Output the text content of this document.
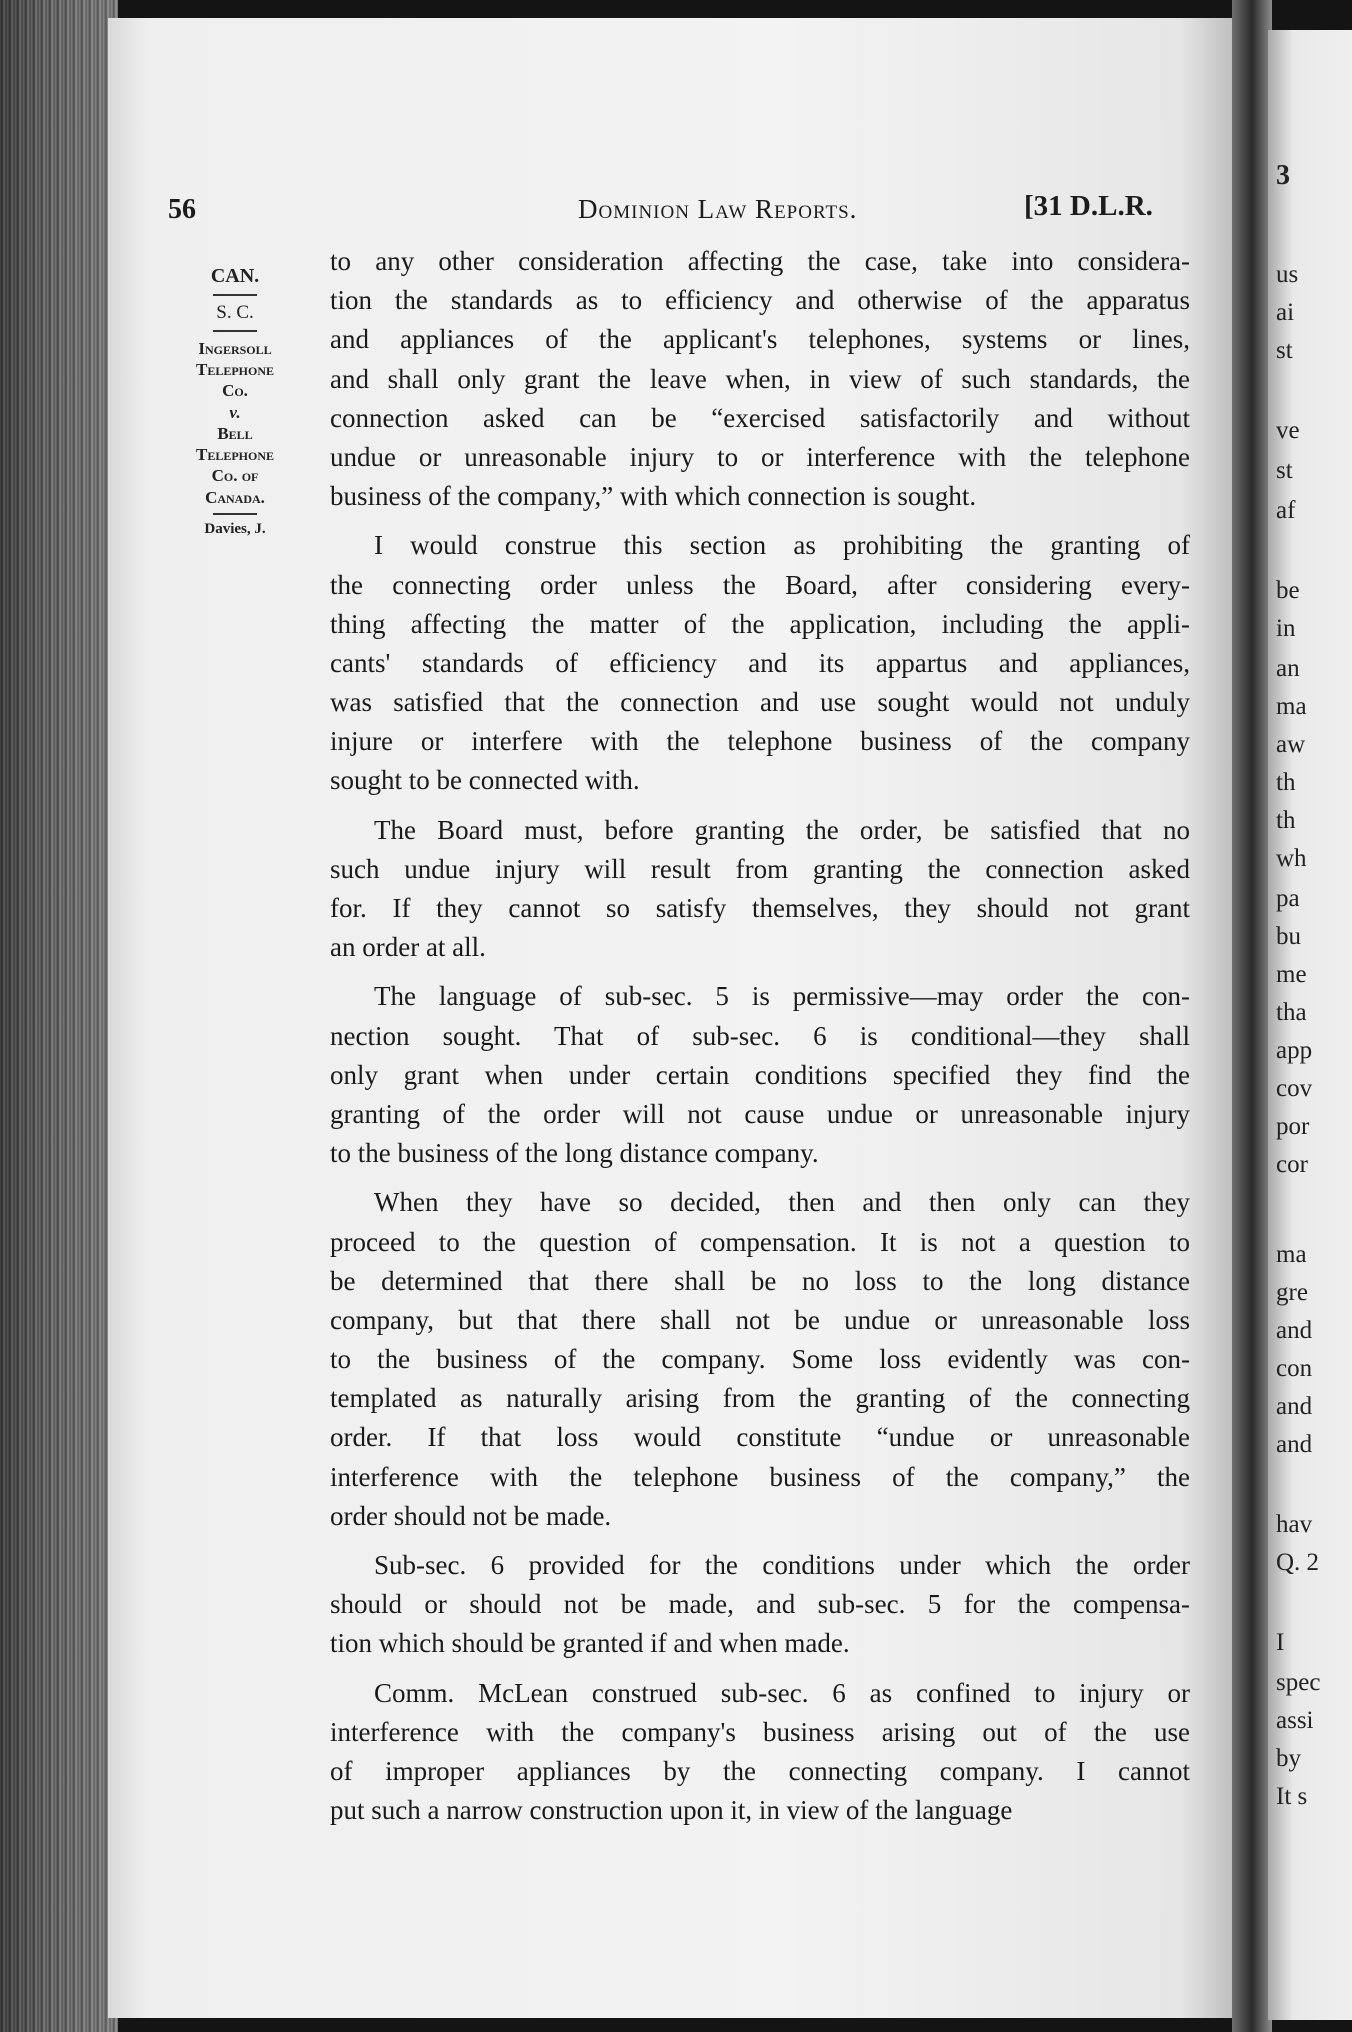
56	Dominion Law Reports.	[31 D.L.R.
CAN.
S. C.
Ingersoll
Telephone
Co.
v.
Bell
Telephone
Co. of
Canada.
Davies, J.
to any other consideration affecting the case, take into considera-
tion the standards as to efficiency and otherwise of the apparatus
and appliances of the applicant's telephones, systems or lines,
and shall only grant the leave when, in view of such standards, the
connection asked can be “exercised satisfactorily and without
undue or unreasonable injury to or interference with the telephone
business of the company,” with which connection is sought.
I would construe this section as prohibiting the granting of
the connecting order unless the Board, after considering every-
thing affecting the matter of the application, including the appli-
cants' standards of efficiency and its appartus and appliances,
was satisfied that the connection and use sought would not unduly
injure or interfere with the telephone business of the company
sought to be connected with.
The Board must, before granting the order, be satisfied that no
such undue injury will result from granting the connection asked
for. If they cannot so satisfy themselves, they should not grant
an order at all.
The language of sub-sec. 5 is permissive—may order the con-
nection sought. That of sub-sec. 6 is conditional—they shall
only grant when under certain conditions specified they find the
granting of the order will not cause undue or unreasonable injury
to the business of the long distance company.
When they have so decided, then and then only can they
proceed to the question of compensation. It is not a question to
be determined that there shall be no loss to the long distance
company, but that there shall not be undue or unreasonable loss
to the business of the company. Some loss evidently was con-
templated as naturally arising from the granting of the connecting
order. If that loss would constitute “undue or unreasonable
interference with the telephone business of the company,” the
order should not be made.
Sub-sec. 6 provided for the conditions under which the order
should or should not be made, and sub-sec. 5 for the compensa-
tion which should be granted if and when made.
Comm. McLean construed sub-sec. 6 as confined to injury or
interference with the company's business arising out of the use
of improper appliances by the connecting company. I cannot
put such a narrow construction upon it, in view of the language
3
us
ai
st
ve
st
af
be
in
an
ma
aw
th
th
wh
pa
bu
me
tha
app
cov
por
cor
ma
gre
and
con
and
and
hav
Q. 2
I
spec
assi
by
It s
